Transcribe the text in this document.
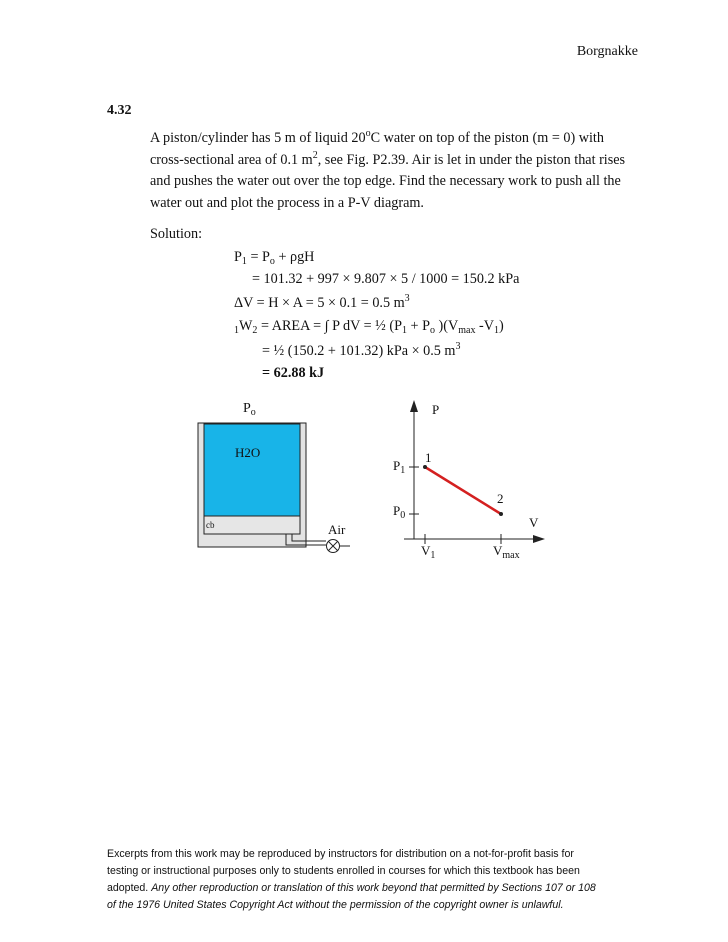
Borgnakke
4.32
A piston/cylinder has 5 m of liquid 20$^o$C water on top of the piston (m = 0) with
cross-sectional area of 0.1 $m^2$, see Fig. P2.39. Air is let in under the piston that rises
and pushes the water out over the top edge. Find the necessary work to push all the
water out and plot the process in a P-V diagram.
Solution:
$P_1 = P_o + \rho gH$
= 101.32 + 997 × 9.807 × 5 / 1000 = 150.2 kPa
ΔV = H × A = 5 × 0.1 = 0.5 $m^3$
$_1W_2$ = AREA = ∫ P dV = ½ ($P_1 + P_o$ )($V_{max}$ $-V_1$)
= ½ (150.2 + 101.32) kPa × 0.5 $m^3$
= 62.88 kJ
$P_o$
H2O
cb	Air
P
V
$P_1$
$P_0$
$V_1$	$V_{max}$
1
2
Excerpts from this work may be reproduced by instructors for distribution on a not-for-profit basis for
testing or instructional purposes only to students enrolled in courses for which this textbook has been
adopted. Any other reproduction or translation of this work beyond that permitted by Sections 107 or 108
of the 1976 United States Copyright Act without the permission of the copyright owner is unlawful.
